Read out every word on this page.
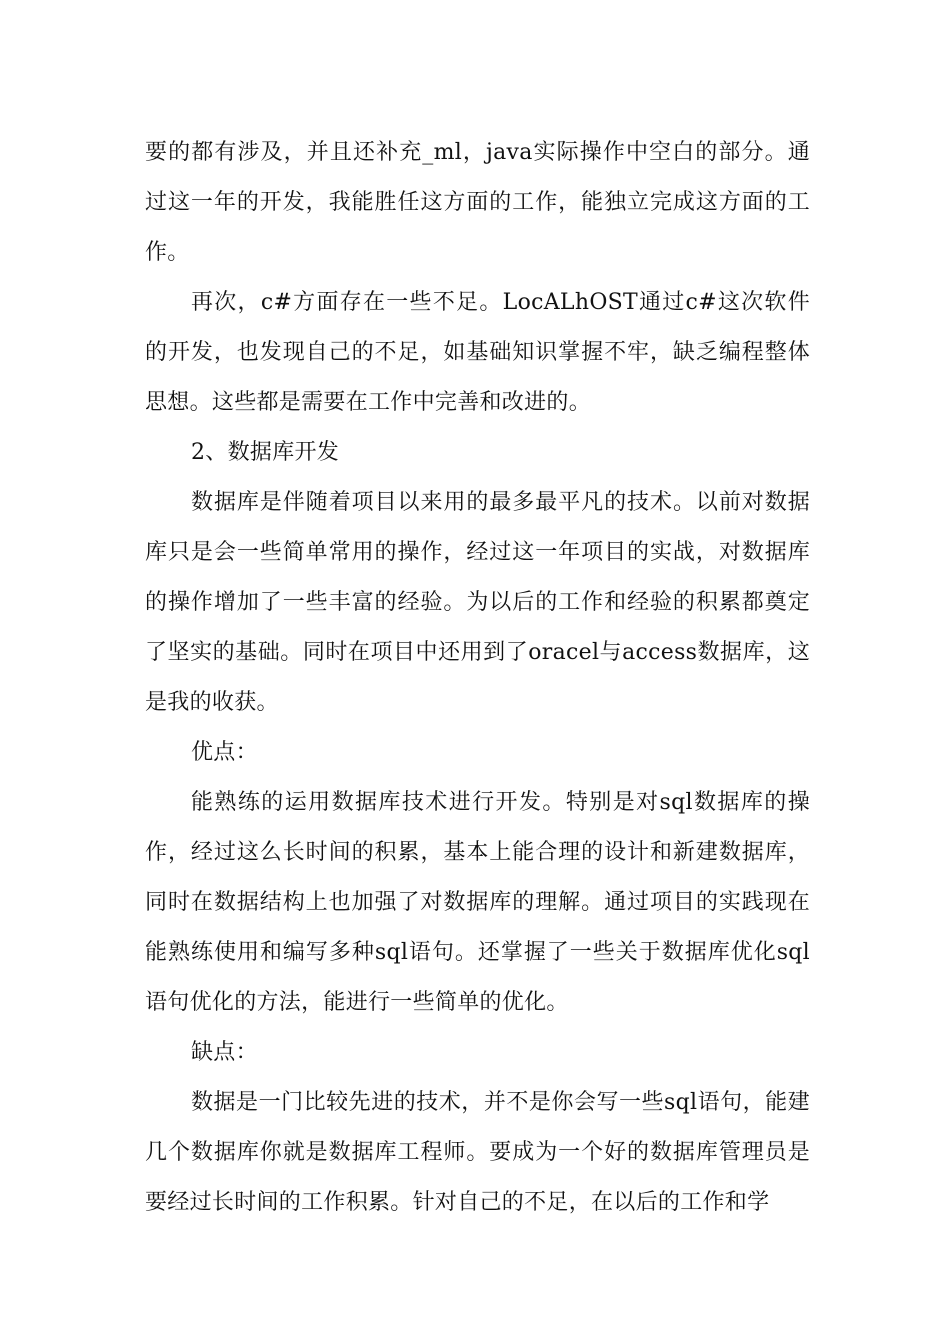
要的都有涉及，并且还补充_ml，java实际操作中空白的部分。通过这一年的开发，我能胜任这方面的工作，能独立完成这方面的工作。

再次，c#方面存在一些不足。LocALhOST通过c#这次软件的开发，也发现自己的不足，如基础知识掌握不牢，缺乏编程整体思想。这些都是需要在工作中完善和改进的。

2、数据库开发

数据库是伴随着项目以来用的最多最平凡的技术。以前对数据库只是会一些简单常用的操作，经过这一年项目的实战，对数据库的操作增加了一些丰富的经验。为以后的工作和经验的积累都奠定了坚实的基础。同时在项目中还用到了oracel与access数据库，这是我的收获。

优点：

能熟练的运用数据库技术进行开发。特别是对sql数据库的操作，经过这么长时间的积累，基本上能合理的设计和新建数据库，同时在数据结构上也加强了对数据库的理解。通过项目的实践现在能熟练使用和编写多种sql语句。还掌握了一些关于数据库优化sql语句优化的方法，能进行一些简单的优化。

缺点：

数据是一门比较先进的技术，并不是你会写一些sql语句，能建几个数据库你就是数据库工程师。要成为一个好的数据库管理员是要经过长时间的工作积累。针对自己的不足，在以后的工作和学
